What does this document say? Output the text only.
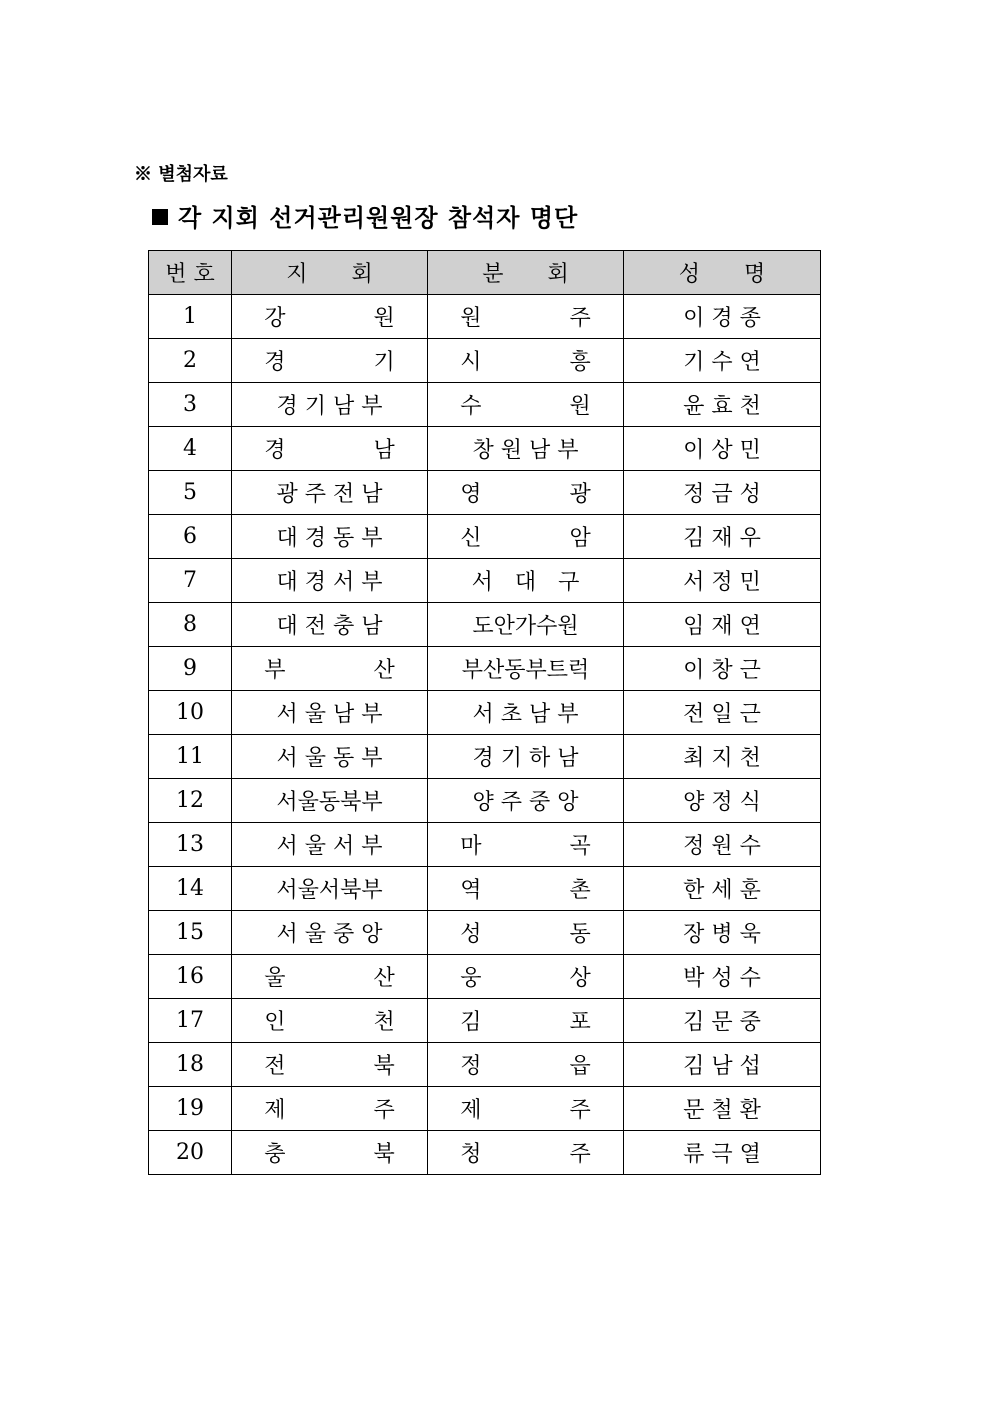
※ 별첨자료
각 지회 선거관리원원장 참석자 명단
번 호	지　　회	분　　회	성　　명
1	강　　　　원	원　　　　주	이 경 종
2	경　　　　기	시　　　　흥	기 수 연
3	경 기 남 부	수　　　　원	윤 효 천
4	경　　　　남	창 원 남 부	이 상 민
5	광 주 전 남	영　　　　광	정 금 성
6	대 경 동 부	신　　　　암	김 재 우
7	대 경 서 부	서　대　구	서 정 민
8	대 전 충 남	도안가수원	임 재 연
9	부　　　　산	부산동부트럭	이 창 근
10	서 울 남 부	서 초 남 부	전 일 근
11	서 울 동 부	경 기 하 남	최 지 천
12	서울동북부	양 주 중 앙	양 정 식
13	서 울 서 부	마　　　　곡	정 원 수
14	서울서북부	역　　　　촌	한 세 훈
15	서 울 중 앙	성　　　　동	장 병 욱
16	울　　　　산	웅　　　　상	박 성 수
17	인　　　　천	김　　　　포	김 문 중
18	전　　　　북	정　　　　읍	김 남 섭
19	제　　　　주	제　　　　주	문 철 환
20	충　　　　북	청　　　　주	류 극 열
